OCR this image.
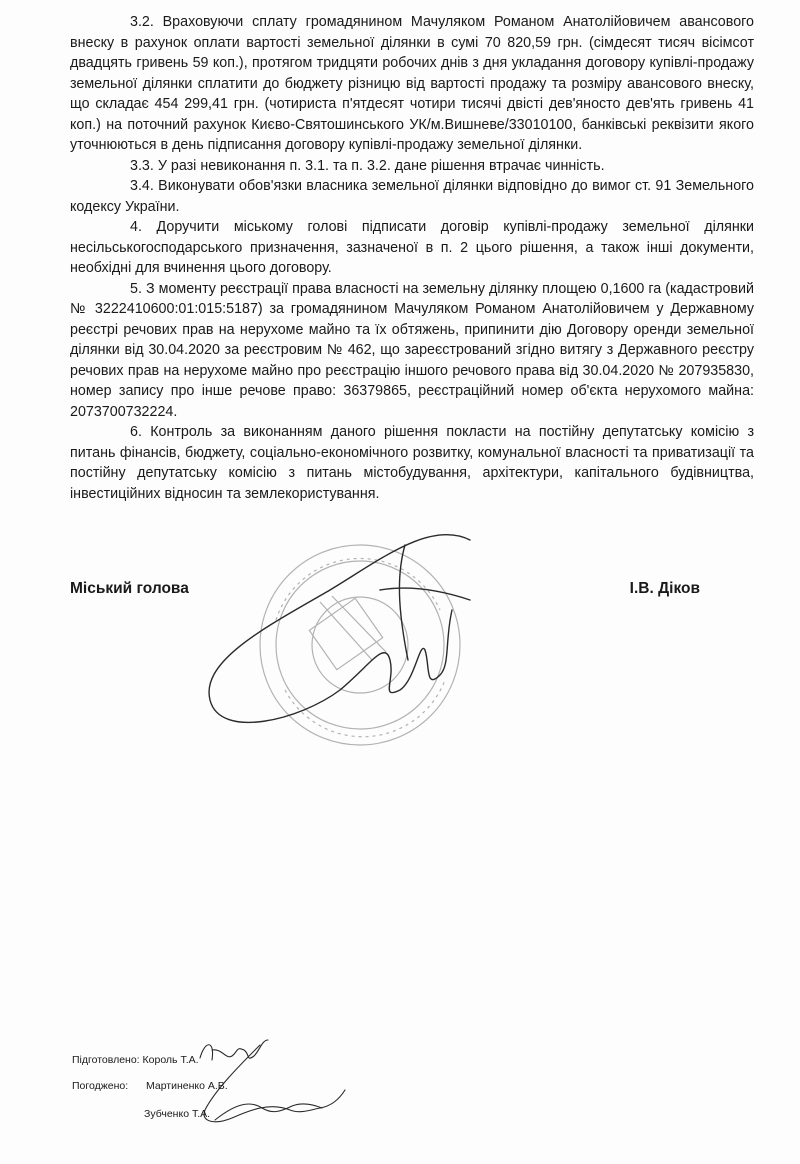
3.2. Враховуючи сплату громадянином Мачуляком Романом Анатолійовичем авансового внеску в рахунок оплати вартості земельної ділянки в сумі 70 820,59 грн. (сімдесят тисяч вісімсот двадцять гривень 59 коп.), протягом тридцяти робочих днів з дня укладання договору купівлі-продажу земельної ділянки сплатити до бюджету різницю від вартості продажу та розміру авансового внеску, що складає 454 299,41 грн. (чотириста п'ятдесят чотири тисячі двісті дев'яносто дев'ять гривень 41 коп.) на поточний рахунок Києво-Святошинського УК/м.Вишневе/33010100, банківські реквізити якого уточнюються в день підписання договору купівлі-продажу земельної ділянки.

3.3. У разі невиконання п. 3.1. та п. 3.2. дане рішення втрачає чинність.

3.4. Виконувати обов'язки власника земельної ділянки відповідно до вимог ст. 91 Земельного кодексу України.

4. Доручити міському голові підписати договір купівлі-продажу земельної ділянки несільськогосподарського призначення, зазначеної в п. 2 цього рішення, а також інші документи, необхідні для вчинення цього договору.

5. З моменту реєстрації права власності на земельну ділянку площею 0,1600 га (кадастровий № 3222410600:01:015:5187) за громадянином Мачуляком Романом Анатолійовичем у Державному реєстрі речових прав на нерухоме майно та їх обтяжень, припинити дію Договору оренди земельної ділянки від 30.04.2020 за реєстровим № 462, що зареєстрований згідно витягу з Державного реєстру речових прав на нерухоме майно про реєстрацію іншого речового права від 30.04.2020 № 207935830, номер запису про інше речове право: 36379865, реєстраційний номер об'єкта нерухомого майна: 2073700732224.

6. Контроль за виконанням даного рішення покласти на постійну депутатську комісію з питань фінансів, бюджету, соціально-економічного розвитку, комунальної власності та приватизації та постійну депутатську комісію з питань містобудування, архітектури, капітального будівництва, інвестиційних відносин та землекористування.

Міський голова	І.В. Діков
Підготовлено: Король Т.А.
Погоджено: Мартиненко А.В.
Зубченко Т.А.
